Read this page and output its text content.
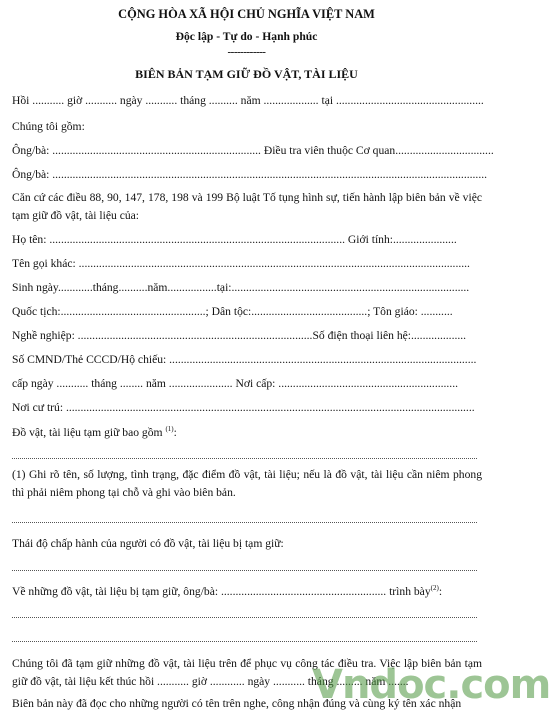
CỘNG HÒA XÃ HỘI CHỦ NGHĨA VIỆT NAM
Độc lập - Tự do - Hạnh phúc
------------
BIÊN BẢN TẠM GIỮ ĐỒ VẬT, TÀI LIỆU
Hồi ........... giờ ........... ngày ........... tháng .......... năm ................... tại ...................................................
Chúng tôi gồm:
Ông/bà: ........................................................................ Điều tra viên thuộc Cơ quan..................................
Ông/bà: ......................................................................................................................................................
Căn cứ các điều 88, 90, 147, 178, 198 và 199 Bộ luật Tố tụng hình sự, tiến hành lập biên bản về việc tạm giữ đồ vật, tài liệu của:
Họ tên: ...................................................................................................... Giới tính:......................
Tên gọi khác: .......................................................................................................................................
Sinh ngày............tháng..........năm.................tại:..................................................................................
Quốc tịch:..................................................; Dân tộc:........................................; Tôn giáo: ...........
Nghề nghiệp: .................................................................................Số điện thoại liên hệ:...................
Số CMND/Thẻ CCCD/Hộ chiếu: ..........................................................................................................
cấp ngày ........... tháng ........ năm ...................... Nơi cấp: ..............................................................
Nơi cư trú: .............................................................................................................................................
Đồ vật, tài liệu tạm giữ bao gồm $^{(1)}$:
(1) Ghi rõ tên, số lượng, tình trạng, đặc điểm đồ vật, tài liệu; nếu là đồ vật, tài liệu cần niêm phong thì phải niêm phong tại chỗ và ghi vào biên bản.
Thái độ chấp hành của người có đồ vật, tài liệu bị tạm giữ:
Về những đồ vật, tài liệu bị tạm giữ, ông/bà: ......................................................... trình bày$^{(2)}$:
Chúng tôi đã tạm giữ những đồ vật, tài liệu trên để phục vụ công tác điều tra. Việc lập biên bản tạm giữ đồ vật, tài liệu kết thúc hồi ........... giờ ............ ngày ........... tháng ......... năm .......
Biên bản này đã đọc cho những người có tên trên nghe, công nhận đúng và cùng ký tên xác nhận
Vndoc.com
